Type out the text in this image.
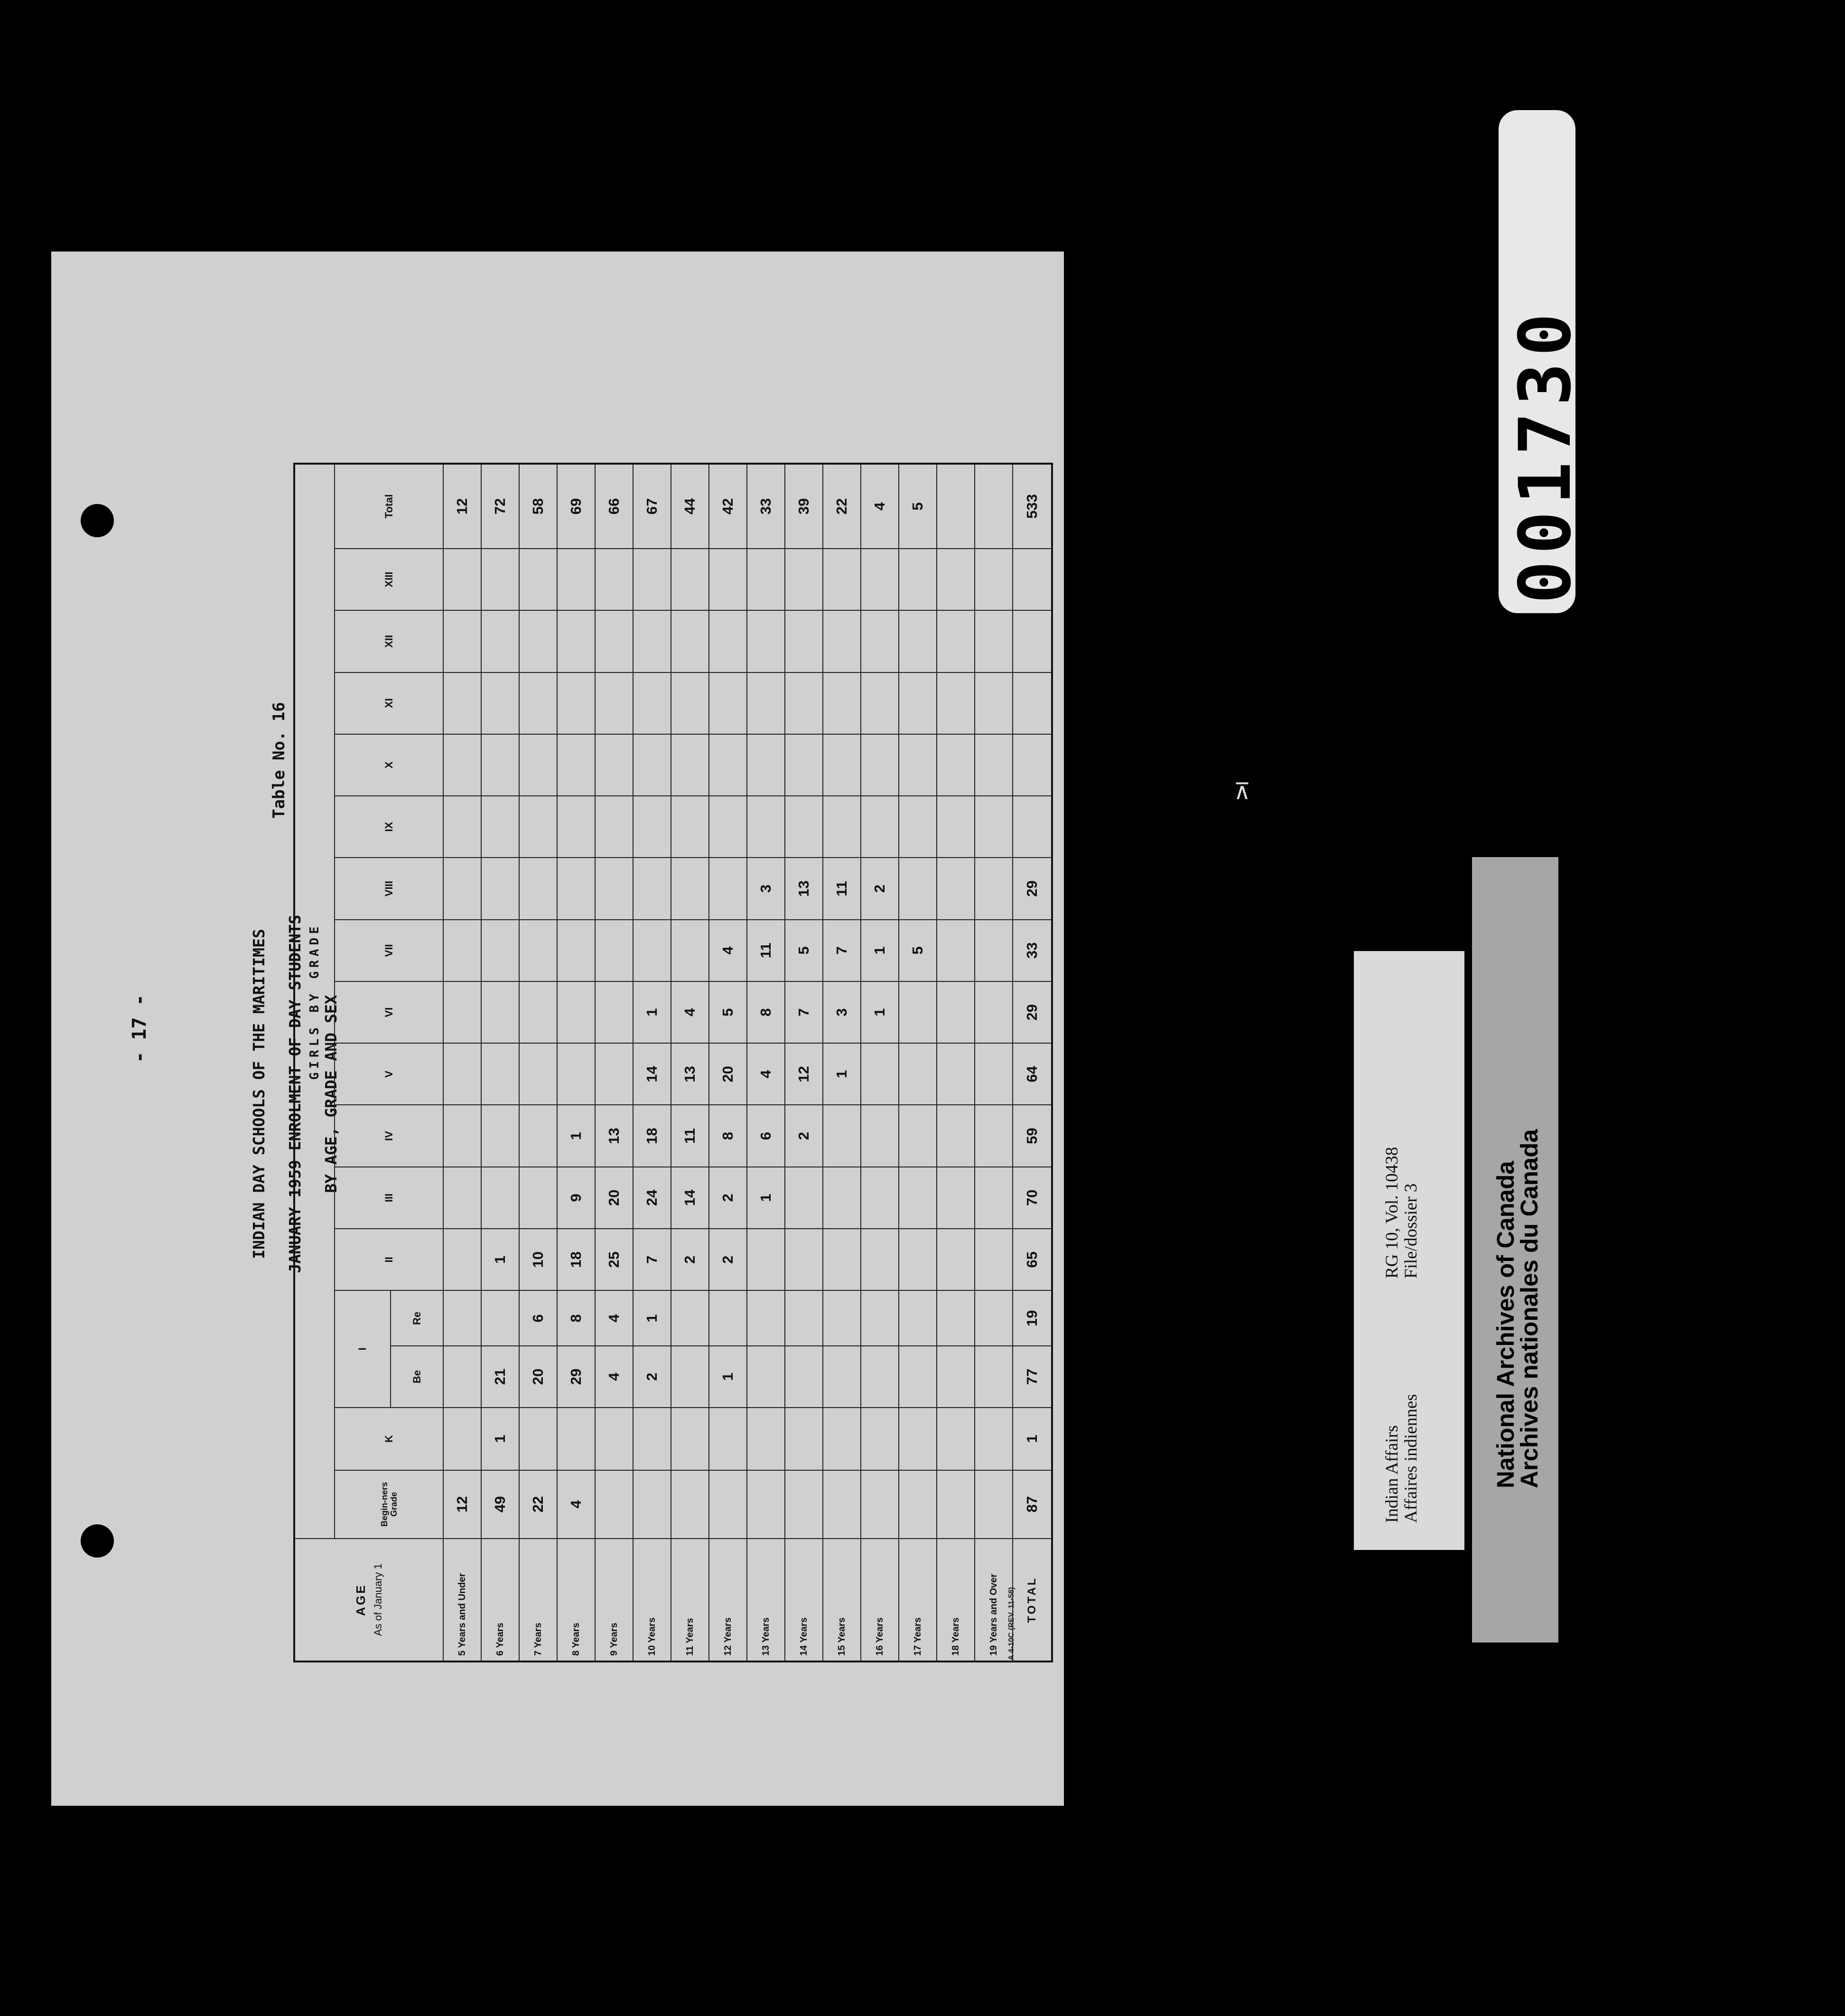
- 17 -	INDIAN DAY SCHOOLS OF THE MARITIMES	JANUARY 1959 ENROLMENT OF DAY STUDENTS	BY AGE, GRADE AND SEX
Table No. 16
AGE As of January 1	GIRLS BY GRADE																
	Begin-ners Grade	K	I		II	III	IV	V	VI	VII	VIII	IX	X	XI	XII	XIII	Total
			Be	Re													
5 Years and Under	12																12
6 Years	49	1	21		1												72
7 Years	22		20	6	10												58
8 Years	4		29	8	18	9	1										69
9 Years			4	4	25	20	13										66
10 Years			2	1	7	24	18	14	1								67
11 Years					2	14	11	13	4								44
12 Years			1		2	2	8	20	5	4							42
13 Years						1	6	4	8	11	3						33
14 Years							2	12	7	5	13						39
15 Years								1	3	7	11						22
16 Years									1	1	2						4
17 Years										5							5
18 Years																	
19 Years and Over																	
TOTAL	87	1	77	19	65	70	59	64	29	33	29						533
IA 4-10C (REV. 11-58)
Indian Affairs Affaires indiennes
RG 10, Vol. 10438 File/dossier 3	National Archives of Canada
Archives nationales du Canada
001730
⊼
